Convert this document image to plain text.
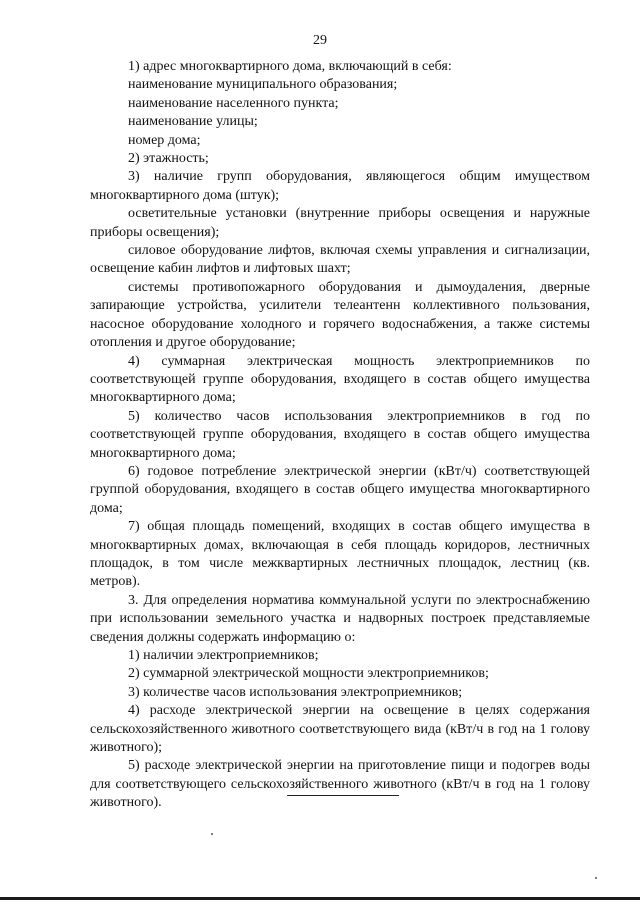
29

1) адрес многоквартирного дома, включающий в себя:

наименование муниципального образования;

наименование населенного пункта;

наименование улицы;

номер дома;

2) этажность;

3) наличие групп оборудования, являющегося общим имуществом многоквартирного дома (штук);

осветительные установки (внутренние приборы освещения и наружные приборы освещения);

силовое оборудование лифтов, включая схемы управления и сигнализации, освещение кабин лифтов и лифтовых шахт;

системы противопожарного оборудования и дымоудаления, дверные запирающие устройства, усилители телеантенн коллективного пользования, насосное оборудование холодного и горячего водоснабжения, а также системы отопления и другое оборудование;

4) суммарная электрическая мощность электроприемников по соответствующей группе оборудования, входящего в состав общего имущества многоквартирного дома;

5) количество часов использования электроприемников в год по соответствующей группе оборудования, входящего в состав общего имущества многоквартирного дома;

6) годовое потребление электрической энергии (кВт/ч) соответствующей группой оборудования, входящего в состав общего имущества многоквартирного дома;

7) общая площадь помещений, входящих в состав общего имущества в многоквартирных домах, включающая в себя площадь коридоров, лестничных площадок, в том числе межквартирных лестничных площадок, лестниц (кв. метров).

3. Для определения норматива коммунальной услуги по электроснабжению при использовании земельного участка и надворных построек представляемые сведения должны содержать информацию о:

1) наличии электроприемников;

2) суммарной электрической мощности электроприемников;

3) количестве часов использования электроприемников;

4) расходе электрической энергии на освещение в целях содержания сельскохозяйственного животного соответствующего вида (кВт/ч в год на 1 голову животного);

5) расходе электрической энергии на приготовление пищи и подогрев воды для соответствующего сельскохозяйственного животного (кВт/ч в год на 1 голову животного).
